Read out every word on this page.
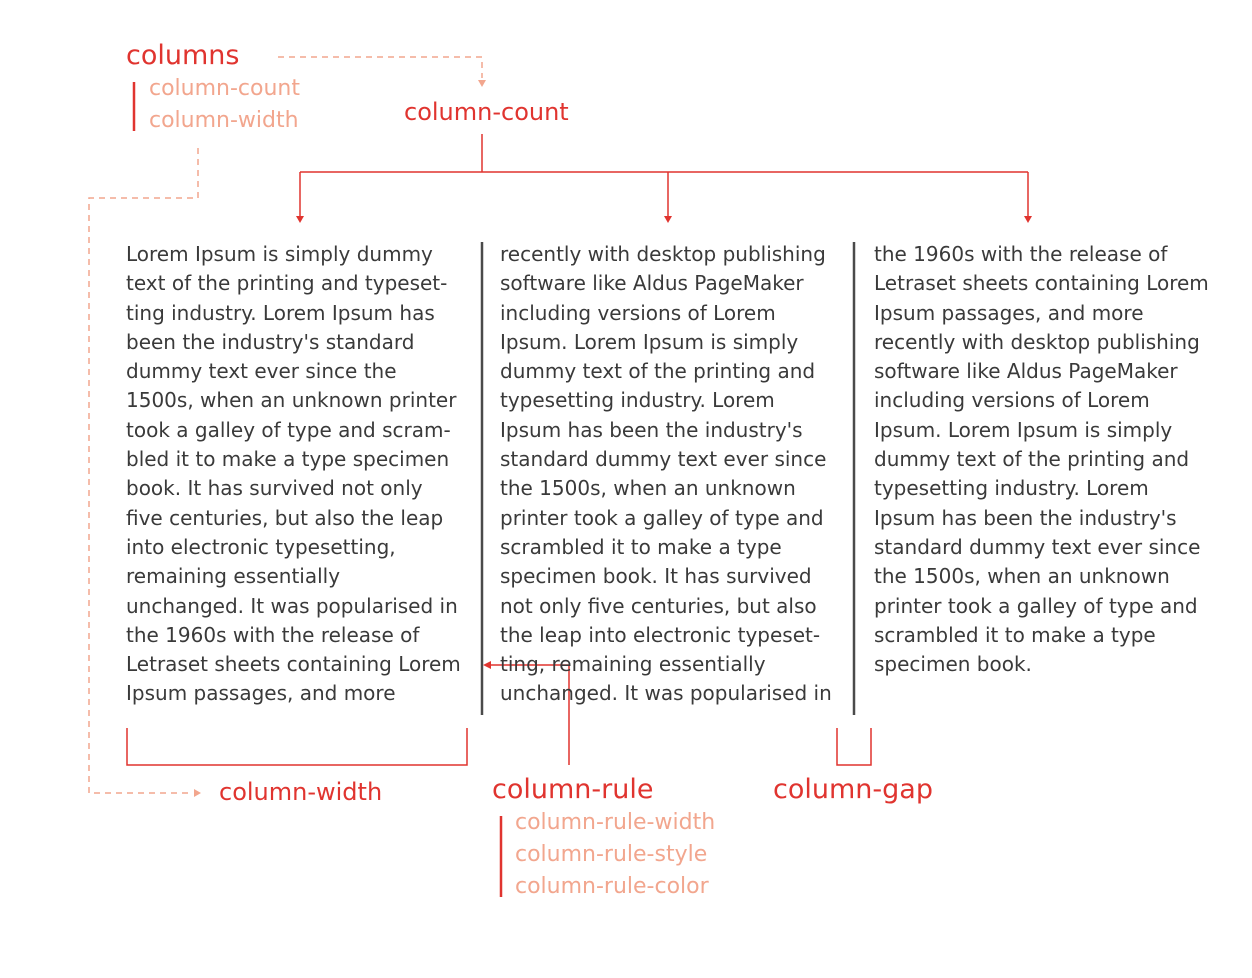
columns
column-count
column-width	column-count
column-width	column-rule
column-rule-width
column-rule-style
column-rule-color
column-gap
Lorem Ipsum is simply dummy
text of the printing and typeset-
ting industry. Lorem Ipsum has
been the industry's standard
dummy text ever since the
1500s, when an unknown printer
took a galley of type and scram-
bled it to make a type specimen
book. It has survived not only
five centuries, but also the leap
into electronic typesetting,
remaining essentially
unchanged. It was popularised in
the 1960s with the release of
Letraset sheets containing Lorem
Ipsum passages, and more
recently with desktop publishing
software like Aldus PageMaker
including versions of Lorem
Ipsum. Lorem Ipsum is simply
dummy text of the printing and
typesetting industry. Lorem
Ipsum has been the industry's
standard dummy text ever since
the 1500s, when an unknown
printer took a galley of type and
scrambled it to make a type
specimen book. It has survived
not only five centuries, but also
the leap into electronic typeset-
ting, remaining essentially
unchanged. It was popularised in
the 1960s with the release of
Letraset sheets containing Lorem
Ipsum passages, and more
recently with desktop publishing
software like Aldus PageMaker
including versions of Lorem
Ipsum. Lorem Ipsum is simply
dummy text of the printing and
typesetting industry. Lorem
Ipsum has been the industry's
standard dummy text ever since
the 1500s, when an unknown
printer took a galley of type and
scrambled it to make a type
specimen book.
